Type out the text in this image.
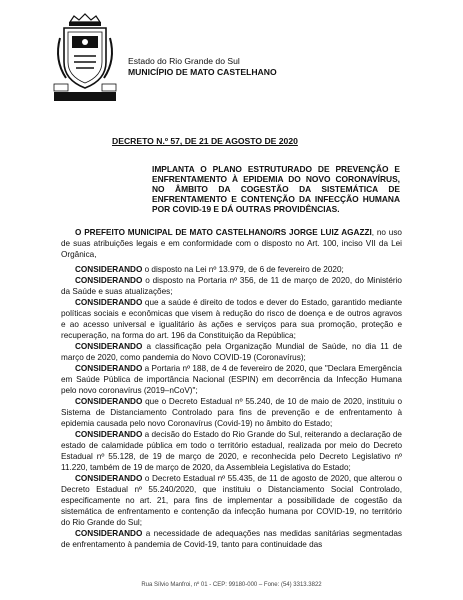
Estado do Rio Grande do Sul
MUNICÍPIO DE MATO CASTELHANO
DECRETO N.º 57, DE 21 DE AGOSTO DE 2020
IMPLANTA O PLANO ESTRUTURADO DE PREVENÇÃO E ENFRENTAMENTO À EPIDEMIA DO NOVO CORONAVÍRUS, NO ÂMBITO DA COGESTÃO DA SISTEMÁTICA DE ENFRENTAMENTO E CONTENÇÃO DA INFECÇÃO HUMANA POR COVID-19 E DÁ OUTRAS PROVIDÊNCIAS.

O PREFEITO MUNICIPAL DE MATO CASTELHANO/RS JORGE LUIZ AGAZZI, no uso de suas atribuições legais e em conformidade com o disposto no Art. 100, inciso VII da Lei Orgânica,

CONSIDERANDO o disposto na Lei nº 13.979, de 6 de fevereiro de 2020;

CONSIDERANDO o disposto na Portaria nº 356, de 11 de março de 2020, do Ministério da Saúde e suas atualizações;

CONSIDERANDO que a saúde é direito de todos e dever do Estado, garantido mediante políticas sociais e econômicas que visem à redução do risco de doença e de outros agravos e ao acesso universal e igualitário às ações e serviços para sua promoção, proteção e recuperação, na forma do art. 196 da Constituição da República;

CONSIDERANDO a classificação pela Organização Mundial de Saúde, no dia 11 de março de 2020, como pandemia do Novo COVID-19 (Coronavírus);

CONSIDERANDO a Portaria nº 188, de 4 de fevereiro de 2020, que "Declara Emergência em Saúde Pública de importância Nacional (ESPIN) em decorrência da Infecção Humana pelo novo coronavírus (2019–nCoV)";

CONSIDERANDO que o Decreto Estadual nº 55.240, de 10 de maio de 2020, instituiu o Sistema de Distanciamento Controlado para fins de prevenção e de enfrentamento à epidemia causada pelo novo Coronavírus (Covid-19) no âmbito do Estado;

CONSIDERANDO a decisão do Estado do Rio Grande do Sul, reiterando a declaração de estado de calamidade pública em todo o território estadual, realizada por meio do Decreto Estadual nº 55.128, de 19 de março de 2020, e reconhecida pelo Decreto Legislativo nº 11.220, também de 19 de março de 2020, da Assembleia Legislativa do Estado;

CONSIDERANDO o Decreto Estadual nº 55.435, de 11 de agosto de 2020, que alterou o Decreto Estadual nº 55.240/2020, que instituiu o Distanciamento Social Controlado, especificamente no art. 21, para fins de implementar a possibilidade de cogestão da sistemática de enfrentamento e contenção da infecção humana por COVID-19, no território do Rio Grande do Sul;

CONSIDERANDO a necessidade de adequações nas medidas sanitárias segmentadas de enfrentamento à pandemia de Covid-19, tanto para continuidade das

Rua Sílvio Manfroi, nº 01 - CEP: 99180-000 – Fone: (54) 3313.3822
